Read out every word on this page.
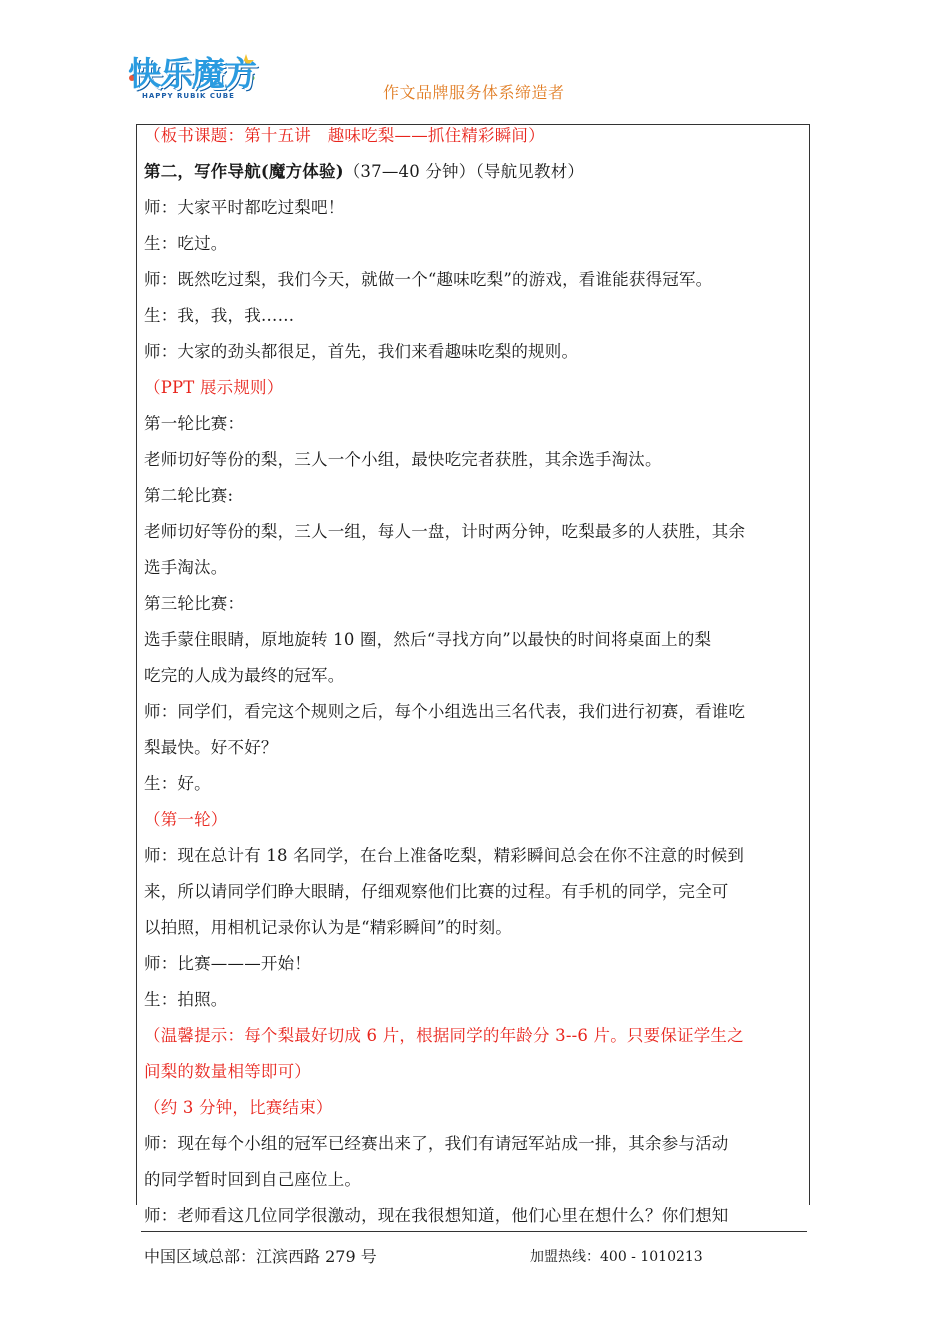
快乐魔方
HAPPY RUBIK CUBE	作文品牌服务体系缔造者
（板书课题：第十五讲　趣味吃梨——抓住精彩瞬间）
第二，写作导航(魔方体验)（37—40 分钟）（导航见教材）
师：大家平时都吃过梨吧！
生：吃过。
师：既然吃过梨，我们今天，就做一个“趣味吃梨”的游戏，看谁能获得冠军。
生：我，我，我……
师：大家的劲头都很足，首先，我们来看趣味吃梨的规则。
（PPT 展示规则）
第一轮比赛：
老师切好等份的梨，三人一个小组，最快吃完者获胜，其余选手淘汰。
第二轮比赛:
老师切好等份的梨，三人一组，每人一盘，计时两分钟，吃梨最多的人获胜，其余
选手淘汰。
第三轮比赛：
选手蒙住眼睛，原地旋转 10 圈，然后“寻找方向”以最快的时间将桌面上的梨
吃完的人成为最终的冠军。
师：同学们，看完这个规则之后，每个小组选出三名代表，我们进行初赛，看谁吃
梨最快。好不好？
生：好。
（第一轮）
师：现在总计有 18 名同学，在台上准备吃梨，精彩瞬间总会在你不注意的时候到
来，所以请同学们睁大眼睛，仔细观察他们比赛的过程。有手机的同学，完全可
以拍照，用相机记录你认为是“精彩瞬间”的时刻。
师：比赛———开始！
生：拍照。
（温馨提示：每个梨最好切成 6 片，根据同学的年龄分 3--6 片。只要保证学生之
间梨的数量相等即可）
（约 3 分钟，比赛结束）
师：现在每个小组的冠军已经赛出来了，我们有请冠军站成一排，其余参与活动
的同学暂时回到自己座位上。
师：老师看这几位同学很激动，现在我很想知道，他们心里在想什么？你们想知
中国区域总部：江滨西路 279 号	加盟热线：400 - 1010213
